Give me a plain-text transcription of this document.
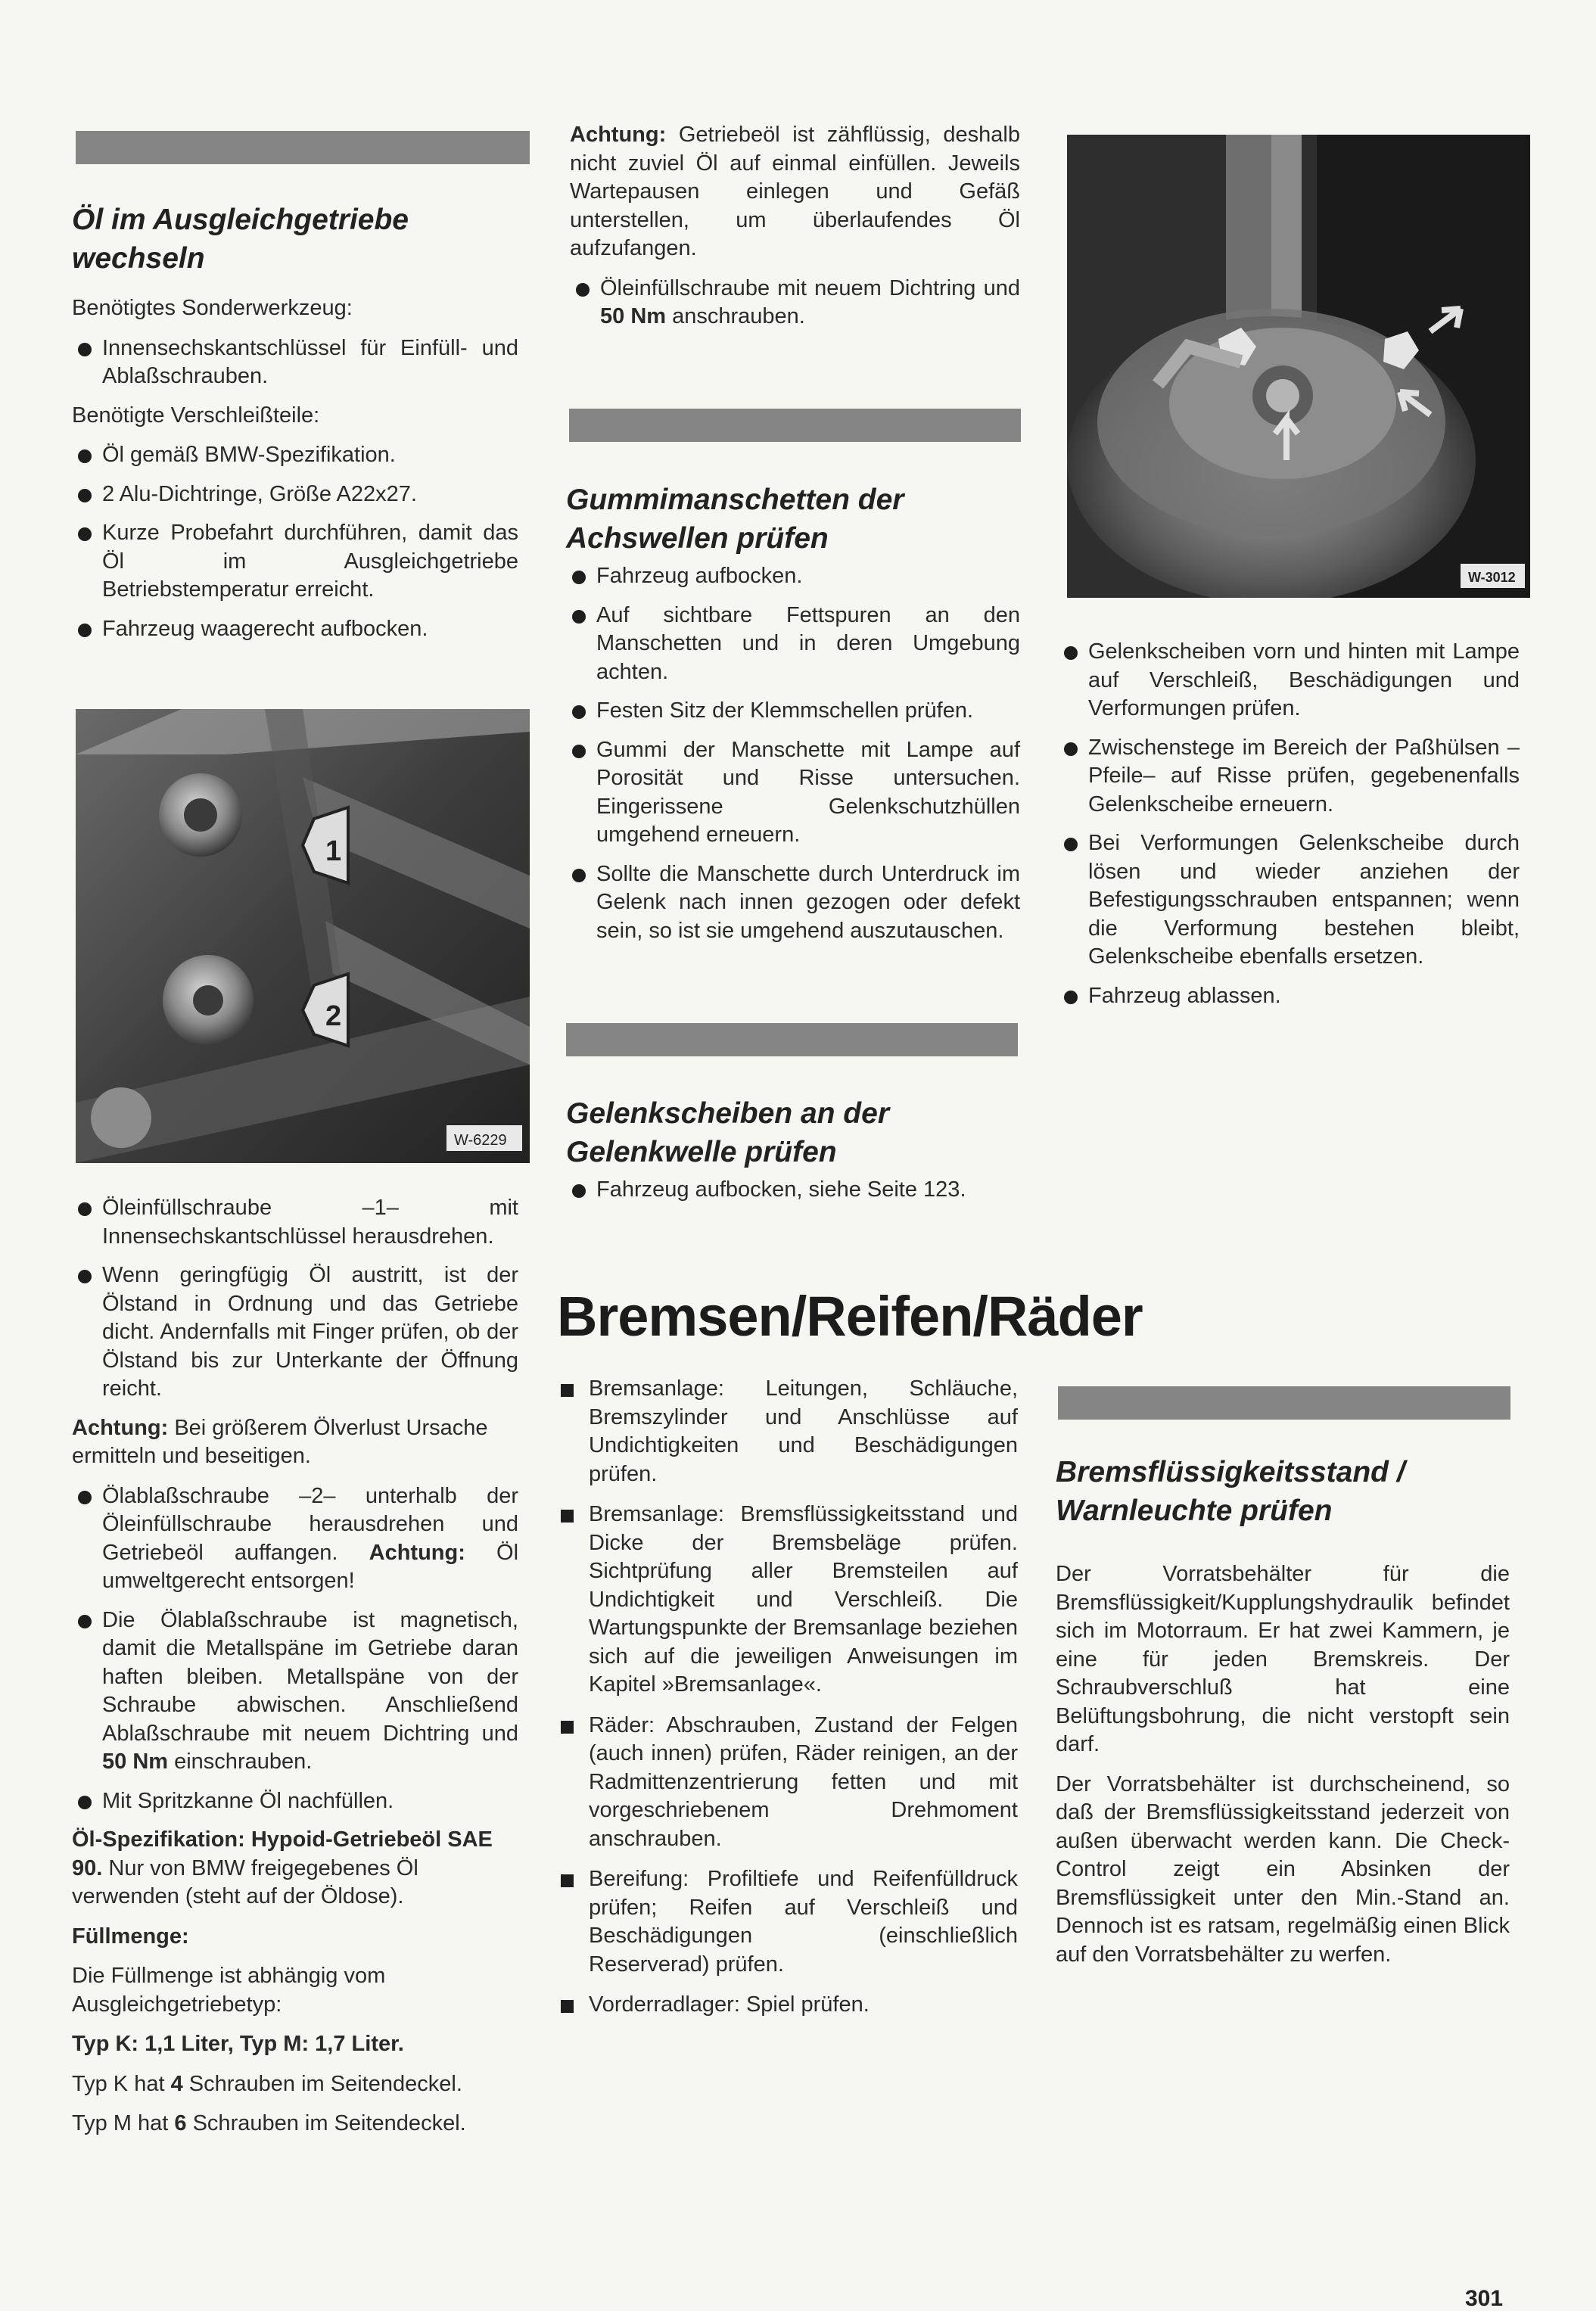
Öl im Ausgleichgetriebe wechseln

Benötigtes Sonderwerkzeug:

Innensechskantschlüssel für Einfüll- und Ablaßschrauben.

Benötigte Verschleißteile:

Öl gemäß BMW-Spezifikation.
2 Alu-Dichtringe, Größe A22x27.
Kurze Probefahrt durchführen, damit das Öl im Ausgleichgetriebe Betriebstemperatur erreicht.
Fahrzeug waagerecht aufbocken.
1
2
W-6229
Öleinfüllschraube –1– mit Innensechskantschlüssel herausdrehen.
Wenn geringfügig Öl austritt, ist der Ölstand in Ordnung und das Getriebe dicht. Andernfalls mit Finger prüfen, ob der Ölstand bis zur Unterkante der Öffnung reicht.

Achtung: Bei größerem Ölverlust Ursache ermitteln und beseitigen.

Ölablaßschraube –2– unterhalb der Öleinfüllschraube herausdrehen und Getriebeöl auffangen. Achtung: Öl umweltgerecht entsorgen!
Die Ölablaßschraube ist magnetisch, damit die Metallspäne im Getriebe daran haften bleiben. Metallspäne von der Schraube abwischen. Anschließend Ablaßschraube mit neuem Dichtring und 50 Nm einschrauben.
Mit Spritzkanne Öl nachfüllen.

Öl-Spezifikation: Hypoid-Getriebeöl SAE 90. Nur von BMW freigegebenes Öl verwenden (steht auf der Öldose).

Füllmenge:

Die Füllmenge ist abhängig vom Ausgleichgetriebetyp:

Typ K: 1,1 Liter, Typ M: 1,7 Liter.

Typ K hat 4 Schrauben im Seitendeckel.

Typ M hat 6 Schrauben im Seitendeckel.

Achtung: Getriebeöl ist zähflüssig, deshalb nicht zuviel Öl auf einmal einfüllen. Jeweils Wartepausen einlegen und Gefäß unterstellen, um überlaufendes Öl aufzufangen.

Öleinfüllschraube mit neuem Dichtring und 50 Nm anschrauben.
Gummimanschetten der Achswellen prüfen
Fahrzeug aufbocken.
Auf sichtbare Fettspuren an den Manschetten und in deren Umgebung achten.
Festen Sitz der Klemmschellen prüfen.
Gummi der Manschette mit Lampe auf Porosität und Risse untersuchen. Eingerissene Gelenkschutzhüllen umgehend erneuern.
Sollte die Manschette durch Unterdruck im Gelenk nach innen gezogen oder defekt sein, so ist sie umgehend auszutauschen.
Gelenkscheiben an der Gelenkwelle prüfen
Fahrzeug aufbocken, siehe Seite 123.
W-3012
Gelenkscheiben vorn und hinten mit Lampe auf Verschleiß, Beschädigungen und Verformungen prüfen.
Zwischenstege im Bereich der Paßhülsen –Pfeile– auf Risse prüfen, gegebenenfalls Gelenkscheibe erneuern.
Bei Verformungen Gelenkscheibe durch lösen und wieder anziehen der Befestigungsschrauben entspannen; wenn die Verformung bestehen bleibt, Gelenkscheibe ebenfalls ersetzen.
Fahrzeug ablassen.
Bremsen/Reifen/Räder
Bremsanlage: Leitungen, Schläuche, Bremszylinder und Anschlüsse auf Undichtigkeiten und Beschädigungen prüfen.
Bremsanlage: Bremsflüssigkeitsstand und Dicke der Bremsbeläge prüfen. Sichtprüfung aller Bremsteilen auf Undichtigkeit und Verschleiß. Die Wartungspunkte der Bremsanlage beziehen sich auf die jeweiligen Anweisungen im Kapitel »Bremsanlage«.
Räder: Abschrauben, Zustand der Felgen (auch innen) prüfen, Räder reinigen, an der Radmittenzentrierung fetten und mit vorgeschriebenem Drehmoment anschrauben.
Bereifung: Profiltiefe und Reifenfülldruck prüfen; Reifen auf Verschleiß und Beschädigungen (einschließlich Reserverad) prüfen.
Vorderradlager: Spiel prüfen.
Bremsflüssigkeitsstand / Warnleuchte prüfen

Der Vorratsbehälter für die Bremsflüssigkeit/Kupplungshydraulik befindet sich im Motorraum. Er hat zwei Kammern, je eine für jeden Bremskreis. Der Schraubverschluß hat eine Belüftungsbohrung, die nicht verstopft sein darf.

Der Vorratsbehälter ist durchscheinend, so daß der Bremsflüssigkeitsstand jederzeit von außen überwacht werden kann. Die Check-Control zeigt ein Absinken der Bremsflüssigkeit unter den Min.-Stand an. Dennoch ist es ratsam, regelmäßig einen Blick auf den Vorratsbehälter zu werfen.

301
